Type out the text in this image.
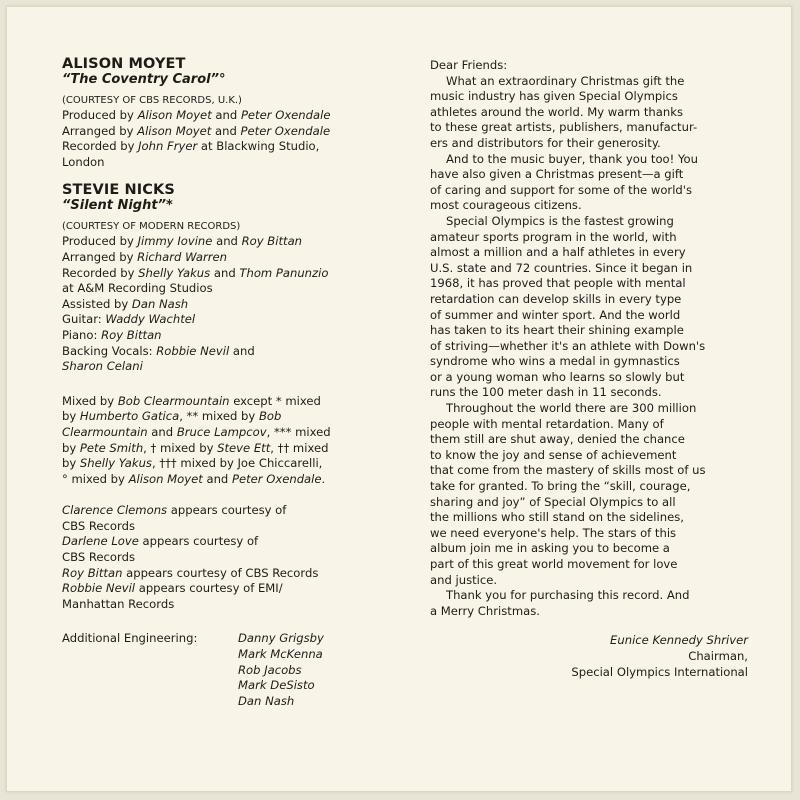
ALISON MOYET
“The Coventry Carol”°
(COURTESY OF CBS RECORDS, U.K.)
Produced by Alison Moyet and Peter Oxendale
Arranged by Alison Moyet and Peter Oxendale
Recorded by John Fryer at Blackwing Studio,
London
STEVIE NICKS
“Silent Night”*
(COURTESY OF MODERN RECORDS)
Produced by Jimmy Iovine and Roy Bittan
Arranged by Richard Warren
Recorded by Shelly Yakus and Thom Panunzio
at A&M Recording Studios
Assisted by Dan Nash
Guitar: Waddy Wachtel
Piano: Roy Bittan
Backing Vocals: Robbie Nevil and
Sharon Celani
Mixed by Bob Clearmountain except * mixed
by Humberto Gatica, ** mixed by Bob
Clearmountain and Bruce Lampcov, *** mixed
by Pete Smith, † mixed by Steve Ett, †† mixed
by Shelly Yakus, ††† mixed by Joe Chiccarelli,
° mixed by Alison Moyet and Peter Oxendale.
Clarence Clemons appears courtesy of
CBS Records
Darlene Love appears courtesy of
CBS Records
Roy Bittan appears courtesy of CBS Records
Robbie Nevil appears courtesy of EMI/
Manhattan Records
Additional Engineering:	Danny Grigsby
Mark McKenna
Rob Jacobs
Mark DeSisto
Dan Nash
Dear Friends:
What an extraordinary Christmas gift the
music industry has given Special Olympics
athletes around the world. My warm thanks
to these great artists, publishers, manufactur-
ers and distributors for their generosity.
And to the music buyer, thank you too! You
have also given a Christmas present—a gift
of caring and support for some of the world's
most courageous citizens.
Special Olympics is the fastest growing
amateur sports program in the world, with
almost a million and a half athletes in every
U.S. state and 72 countries. Since it began in
1968, it has proved that people with mental
retardation can develop skills in every type
of summer and winter sport. And the world
has taken to its heart their shining example
of striving—whether it's an athlete with Down's
syndrome who wins a medal in gymnastics
or a young woman who learns so slowly but
runs the 100 meter dash in 11 seconds.
Throughout the world there are 300 million
people with mental retardation. Many of
them still are shut away, denied the chance
to know the joy and sense of achievement
that come from the mastery of skills most of us
take for granted. To bring the “skill, courage,
sharing and joy” of Special Olympics to all
the millions who still stand on the sidelines,
we need everyone's help. The stars of this
album join me in asking you to become a
part of this great world movement for love
and justice.
Thank you for purchasing this record. And
a Merry Christmas.
Eunice Kennedy Shriver
Chairman,
Special Olympics International
